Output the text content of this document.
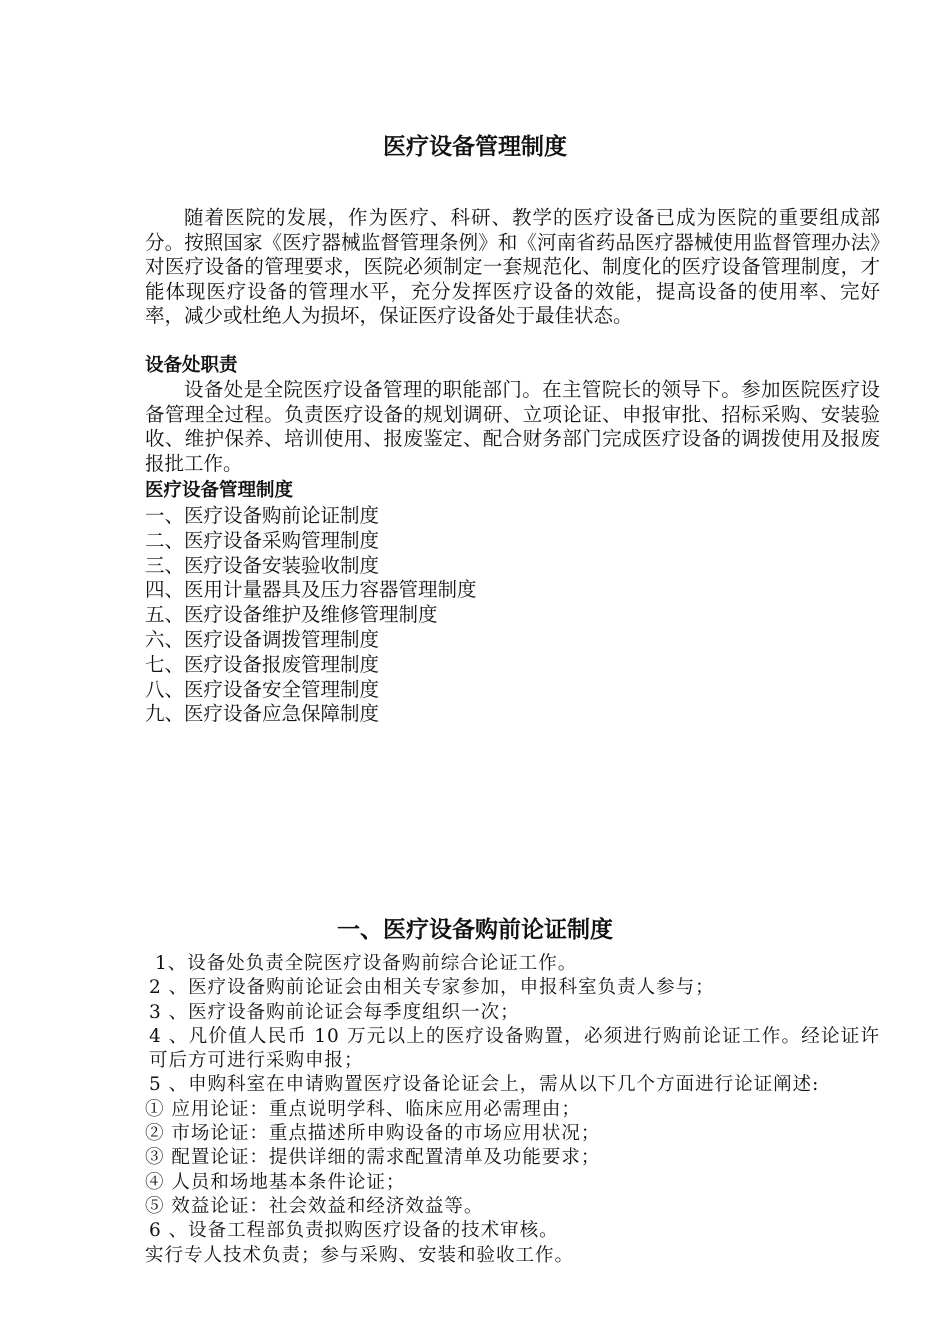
医疗设备管理制度

随着医院的发展，作为医疗、科研、教学的医疗设备已成为医院的重要组成部分。按照国家《医疗器械监督管理条例》和《河南省药品医疗器械使用监督管理办法》对医疗设备的管理要求，医院必须制定一套规范化、制度化的医疗设备管理制度，才能体现医疗设备的管理水平，充分发挥医疗设备的效能，提高设备的使用率、完好率，减少或杜绝人为损坏，保证医疗设备处于最佳状态。

设备处职责

设备处是全院医疗设备管理的职能部门。在主管院长的领导下。参加医院医疗设备管理全过程。负责医疗设备的规划调研、立项论证、申报审批、招标采购、安装验收、维护保养、培训使用、报废鉴定、配合财务部门完成医疗设备的调拨使用及报废报批工作。

医疗设备管理制度
一、医疗设备购前论证制度
二、医疗设备采购管理制度
三、医疗设备安装验收制度
四、医用计量器具及压力容器管理制度
五、医疗设备维护及维修管理制度
六、医疗设备调拨管理制度
七、医疗设备报废管理制度
八、医疗设备安全管理制度
九、医疗设备应急保障制度
一、医疗设备购前论证制度

1、设备处负责全院医疗设备购前综合论证工作。

2 、医疗设备购前论证会由相关专家参加，申报科室负责人参与；

3 、医疗设备购前论证会每季度组织一次；

4 、凡价值人民币 10 万元以上的医疗设备购置，必须进行购前论证工作。经论证许可后方可进行采购申报；

5 、申购科室在申请购置医疗设备论证会上，需从以下几个方面进行论证阐述:

① 应用论证：重点说明学科、临床应用必需理由；

② 市场论证：重点描述所申购设备的市场应用状况；

③ 配置论证：提供详细的需求配置清单及功能要求；

④ 人员和场地基本条件论证；

⑤ 效益论证：社会效益和经济效益等。

6 、设备工程部负责拟购医疗设备的技术审核。

实行专人技术负责；参与采购、安装和验收工作。
